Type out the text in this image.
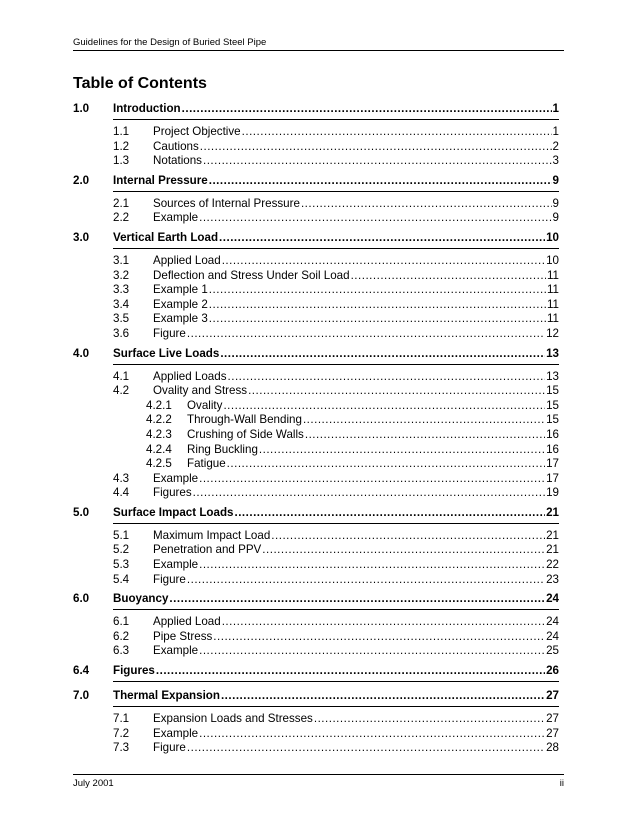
Guidelines for the Design of Buried Steel Pipe
Table of Contents
1.0	Introduction .....	1
1.1	Project Objective .....	1
1.2	Cautions .....	2
1.3	Notations .....	3
2.0	Internal Pressure .....	9
2.1	Sources of Internal Pressure .....	9
2.2	Example .....	9
3.0	Vertical Earth Load .....	10
3.1	Applied Load .....	10
3.2	Deflection and Stress Under Soil Load .....	11
3.3	Example 1 .....	11
3.4	Example 2 .....	11
3.5	Example 3 .....	11
3.6	Figure .....	12
4.0	Surface Live Loads .....	13
4.1	Applied Loads .....	13
4.2	Ovality and Stress .....	15
4.2.1	Ovality .....	15
4.2.2	Through-Wall Bending .....	15
4.2.3	Crushing of Side Walls .....	16
4.2.4	Ring Buckling .....	16
4.2.5	Fatigue .....	17
4.3	Example .....	17
4.4	Figures .....	19
5.0	Surface Impact Loads .....	21
5.1	Maximum Impact Load .....	21
5.2	Penetration and PPV .....	21
5.3	Example .....	22
5.4	Figure .....	23
6.0	Buoyancy .....	24
6.1	Applied Load .....	24
6.2	Pipe Stress .....	24
6.3	Example .....	25
6.4	Figures .....	26
7.0	Thermal Expansion .....	27
7.1	Expansion Loads and Stresses .....	27
7.2	Example .....	27
7.3	Figure .....	28
July 2001	ii
